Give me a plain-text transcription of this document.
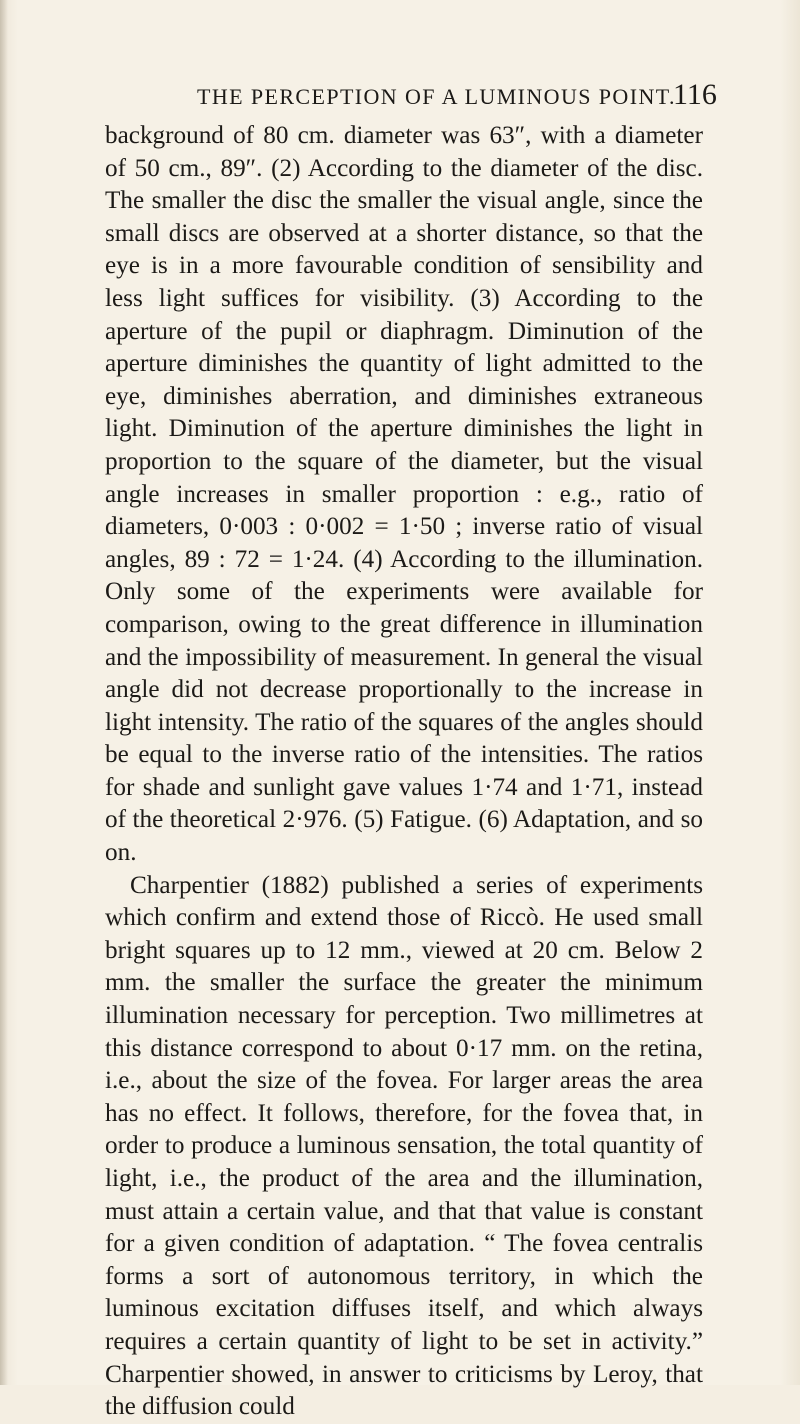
THE PERCEPTION OF A LUMINOUS POINT.
116

background of 80 cm. diameter was 63″, with a diameter of 50 cm., 89″. (2) According to the diameter of the disc. The smaller the disc the smaller the visual angle, since the small discs are observed at a shorter distance, so that the eye is in a more favourable condition of sensibility and less light suffices for visibility. (3) According to the aperture of the pupil or diaphragm. Diminution of the aperture diminishes the quantity of light admitted to the eye, diminishes aberration, and diminishes extraneous light. Diminution of the aperture diminishes the light in proportion to the square of the diameter, but the visual angle increases in smaller proportion : e.g., ratio of diameters, 0·003 : 0·002 = 1·50 ; inverse ratio of visual angles, 89 : 72 = 1·24. (4) According to the illumination. Only some of the experiments were available for comparison, owing to the great difference in illumination and the impossibility of measurement. In general the visual angle did not decrease proportionally to the increase in light intensity. The ratio of the squares of the angles should be equal to the inverse ratio of the intensities. The ratios for shade and sunlight gave values 1·74 and 1·71, instead of the theoretical 2·976. (5) Fatigue. (6) Adaptation, and so on.

Charpentier (1882) published a series of experiments which confirm and extend those of Riccò. He used small bright squares up to 12 mm., viewed at 20 cm. Below 2 mm. the smaller the surface the greater the minimum illumination necessary for perception. Two millimetres at this distance correspond to about 0·17 mm. on the retina, i.e., about the size of the fovea. For larger areas the area has no effect. It follows, therefore, for the fovea that, in order to produce a luminous sensation, the total quantity of light, i.e., the product of the area and the illumination, must attain a certain value, and that that value is constant for a given condition of adaptation. “ The fovea centralis forms a sort of autonomous territory, in which the luminous excitation diffuses itself, and which always requires a certain quantity of light to be set in activity.” Charpentier showed, in answer to criticisms by Leroy, that the diffusion could
